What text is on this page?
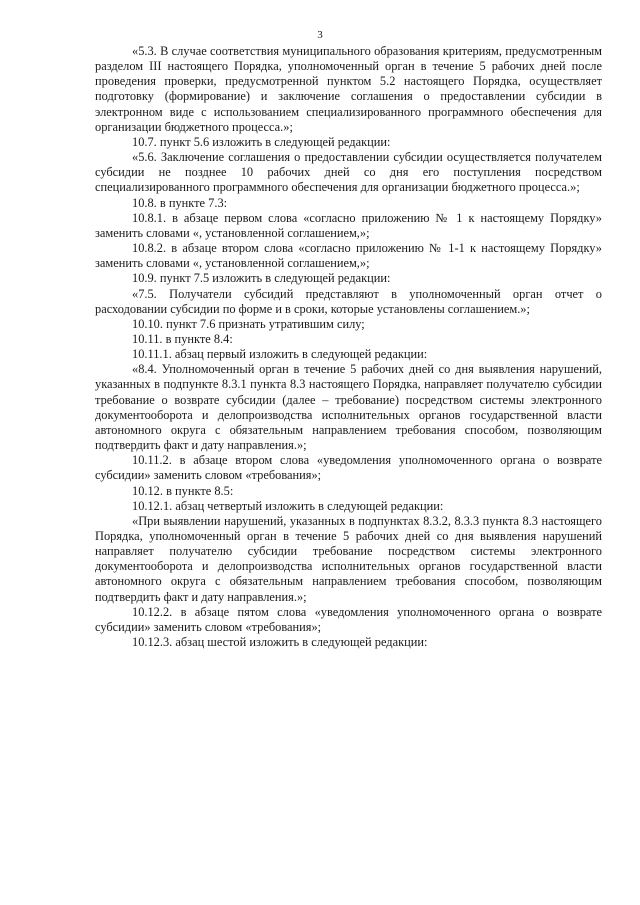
3

«5.3. В случае соответствия муниципального образования критериям, предусмотренным разделом III настоящего Порядка, уполномоченный орган в течение 5 рабочих дней после проведения проверки, предусмотренной пунктом 5.2 настоящего Порядка, осуществляет подготовку (формирование) и заключение соглашения о предоставлении субсидии в электронном виде с использованием специализированного программного обеспечения для организации бюджетного процесса.»;

10.7. пункт 5.6 изложить в следующей редакции:

«5.6. Заключение соглашения о предоставлении субсидии осуществляется получателем субсидии не позднее 10 рабочих дней со дня его поступления посредством специализированного программного обеспечения для организации бюджетного процесса.»;

10.8. в пункте 7.3:

10.8.1. в абзаце первом слова «согласно приложению № 1 к настоящему Порядку» заменить словами «, установленной соглашением,»;

10.8.2. в абзаце втором слова «согласно приложению № 1-1 к настоящему Порядку» заменить словами «, установленной соглашением,»;

10.9. пункт 7.5 изложить в следующей редакции:

«7.5. Получатели субсидий представляют в уполномоченный орган отчет о расходовании субсидии по форме и в сроки, которые установлены соглашением.»;

10.10. пункт 7.6 признать утратившим силу;

10.11. в пункте 8.4:

10.11.1. абзац первый изложить в следующей редакции:

«8.4. Уполномоченный орган в течение 5 рабочих дней со дня выявления нарушений, указанных в подпункте 8.3.1 пункта 8.3 настоящего Порядка, направляет получателю субсидии требование о возврате субсидии (далее – требование) посредством системы электронного документооборота и делопроизводства исполнительных органов государственной власти автономного округа с обязательным направлением требования способом, позволяющим подтвердить факт и дату направления.»;

10.11.2. в абзаце втором слова «уведомления уполномоченного органа о возврате субсидии» заменить словом «требования»;

10.12. в пункте 8.5:

10.12.1. абзац четвертый изложить в следующей редакции:

«При выявлении нарушений, указанных в подпунктах 8.3.2, 8.3.3 пункта 8.3 настоящего Порядка, уполномоченный орган в течение 5 рабочих дней со дня выявления нарушений направляет получателю субсидии требование посредством системы электронного документооборота и делопроизводства исполнительных органов государственной власти автономного округа с обязательным направлением требования способом, позволяющим подтвердить факт и дату направления.»;

10.12.2. в абзаце пятом слова «уведомления уполномоченного органа о возврате субсидии» заменить словом «требования»;

10.12.3. абзац шестой изложить в следующей редакции:
